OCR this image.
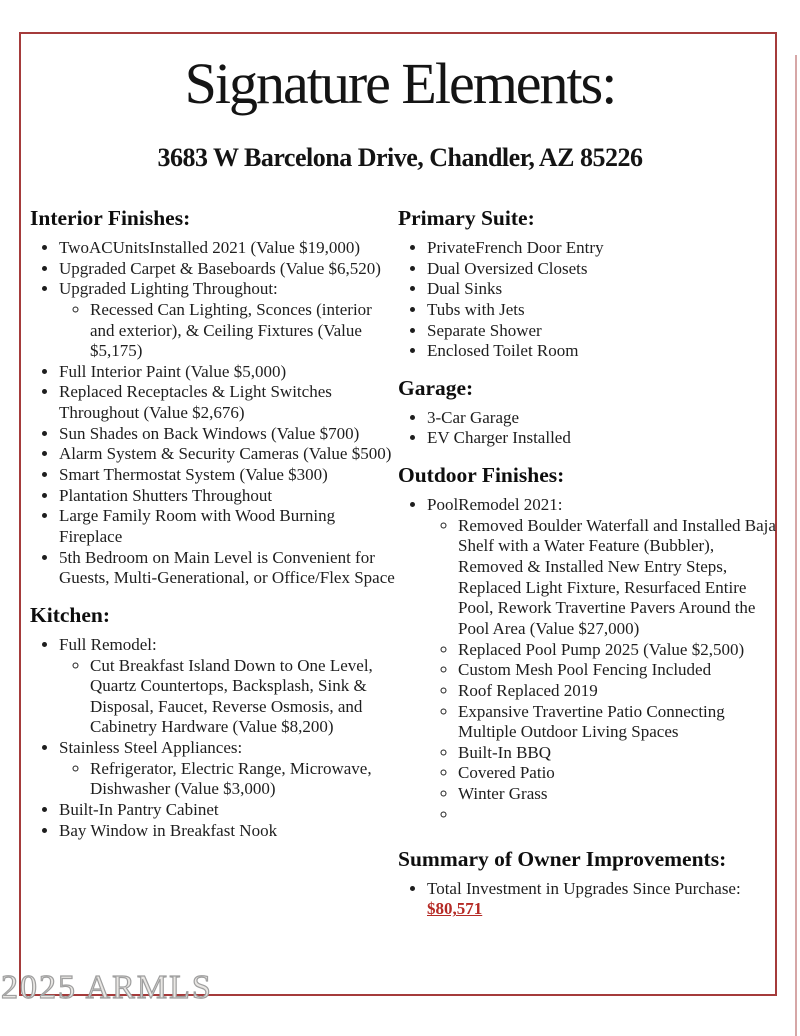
Signature Elements:
3683 W Barcelona Drive, Chandler, AZ 85226
Interior Finishes:
• TwoACUnitsInstalled 2021 (Value $19,000)
• Upgraded Carpet & Baseboards (Value $6,520)
• Upgraded Lighting Throughout:
◦ Recessed Can Lighting, Sconces (interior and exterior), & Ceiling Fixtures (Value $5,175)
• Full Interior Paint (Value $5,000)
• Replaced Receptacles & Light Switches Throughout (Value $2,676)
• Sun Shades on Back Windows (Value $700)
• Alarm System & Security Cameras (Value $500)
• Smart Thermostat System (Value $300)
• Plantation Shutters Throughout
• Large Family Room with Wood Burning Fireplace
• 5th Bedroom on Main Level is Convenient for Guests, Multi-Generational, or Office/Flex Space
Kitchen:
• Full Remodel:
◦ Cut Breakfast Island Down to One Level, Quartz Countertops, Backsplash, Sink & Disposal, Faucet, Reverse Osmosis, and Cabinetry Hardware (Value $8,200)
• Stainless Steel Appliances:
◦ Refrigerator, Electric Range, Microwave, Dishwasher (Value $3,000)
• Built-In Pantry Cabinet
• Bay Window in Breakfast Nook
Primary Suite:
• PrivateFrench Door Entry
• Dual Oversized Closets
• Dual Sinks
• Tubs with Jets
• Separate Shower
• Enclosed Toilet Room
Garage:
• 3-Car Garage
• EV Charger Installed
Outdoor Finishes:
• PoolRemodel 2021:
◦ Removed Boulder Waterfall and Installed Baja Shelf with a Water Feature (Bubbler), Removed & Installed New Entry Steps, Replaced Light Fixture, Resurfaced Entire Pool, Rework Travertine Pavers Around the Pool Area (Value $27,000)
◦ Replaced Pool Pump 2025 (Value $2,500)
◦ Custom Mesh Pool Fencing Included
◦ Roof Replaced 2019
◦ Expansive Travertine Patio Connecting Multiple Outdoor Living Spaces
◦ Built-In BBQ
◦ Covered Patio
◦ Winter Grass
◦
Summary of Owner Improvements:
• Total Investment in Upgrades Since Purchase: $80,571
2025 ARMLS
